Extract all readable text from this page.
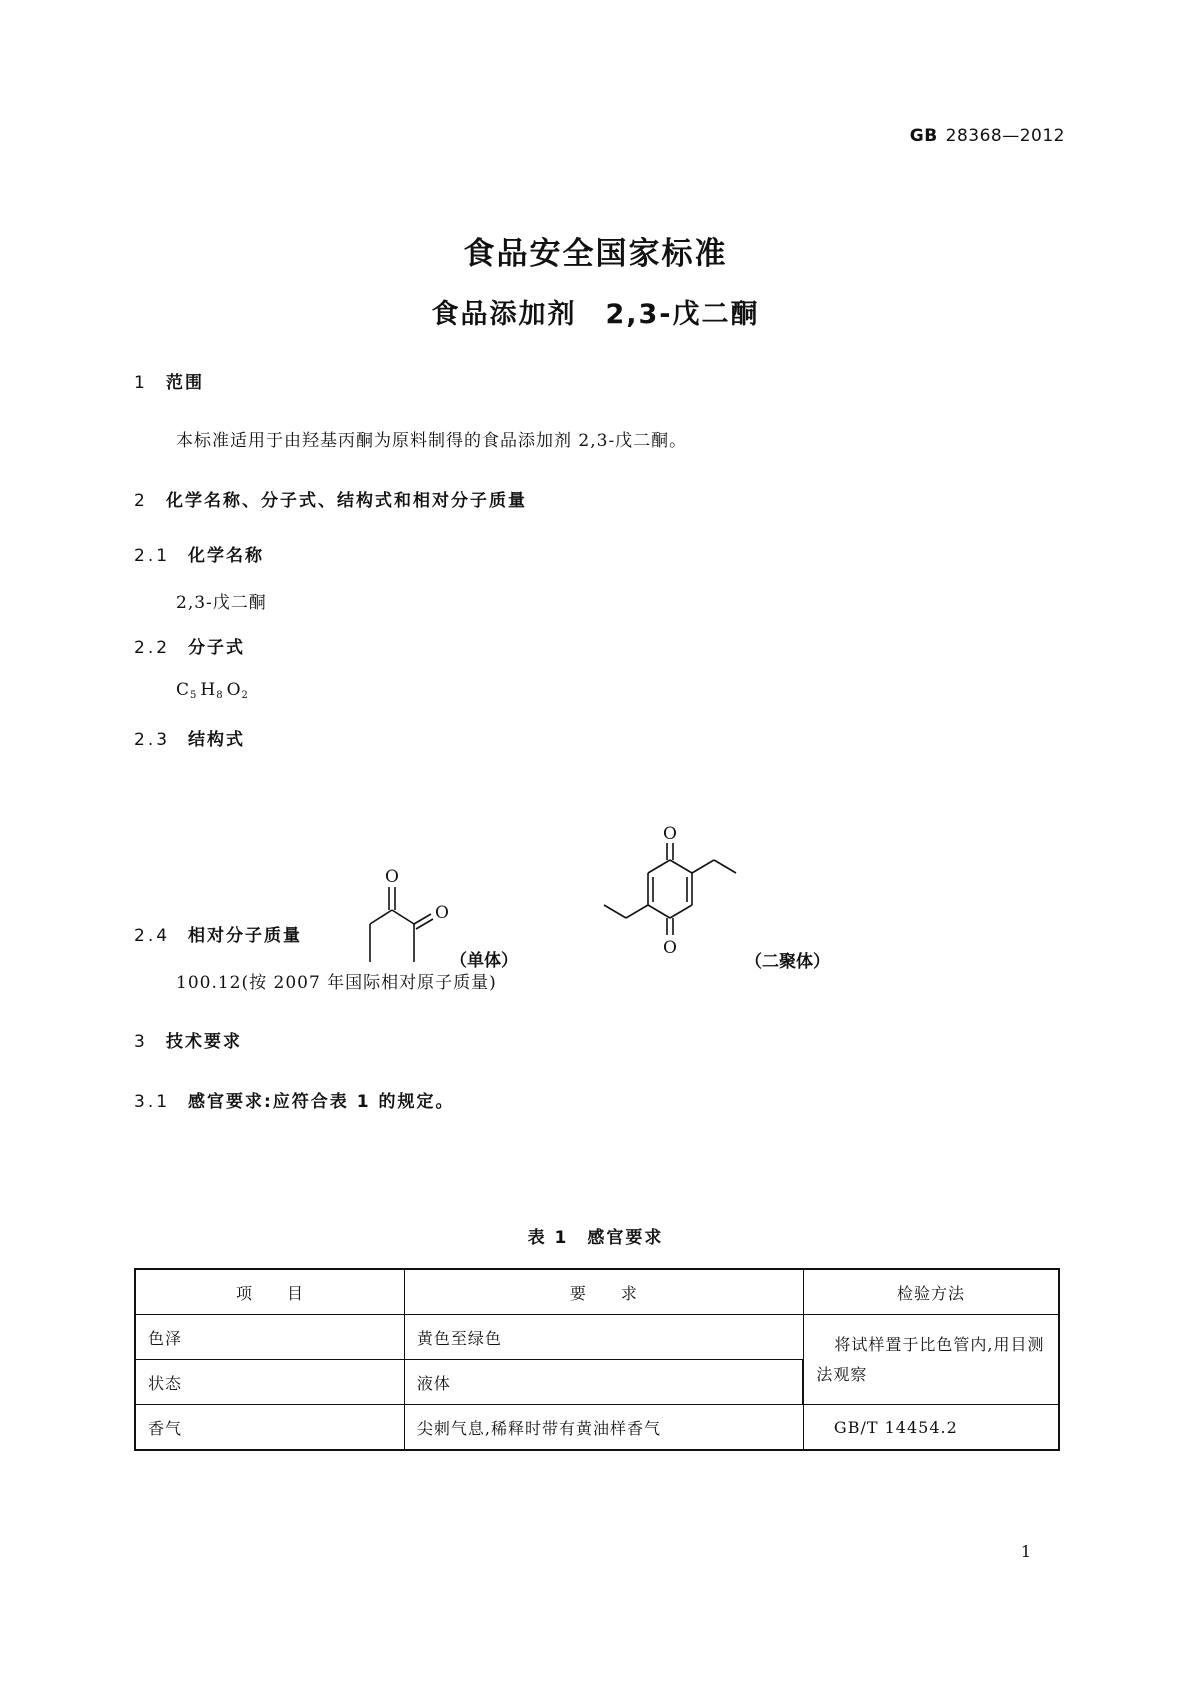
GB 28368—2012
食品安全国家标准
食品添加剂　2,3-戊二酮
1 范围
本标准适用于由羟基丙酮为原料制得的食品添加剂 2,3-戊二酮。
2 化学名称、分子式、结构式和相对分子质量
2.1 化学名称
2,3-戊二酮
2.2 分子式
$C_5$ $H_8$ $O_2$
2.3 结构式
O
O
（单体）
O
O
（二聚体）
2.4 相对分子质量
100.12(按 2007 年国际相对原子质量)
3 技术要求
3.1 感官要求:应符合表 1 的规定。
表 1　感官要求
项　　目	要　　求	检验方法
色泽	黄色至绿色	将试样置于比色管内,用目测法观察
状态	液体	
香气	尖刺气息,稀释时带有黄油样香气	GB/T 14454.2
1
